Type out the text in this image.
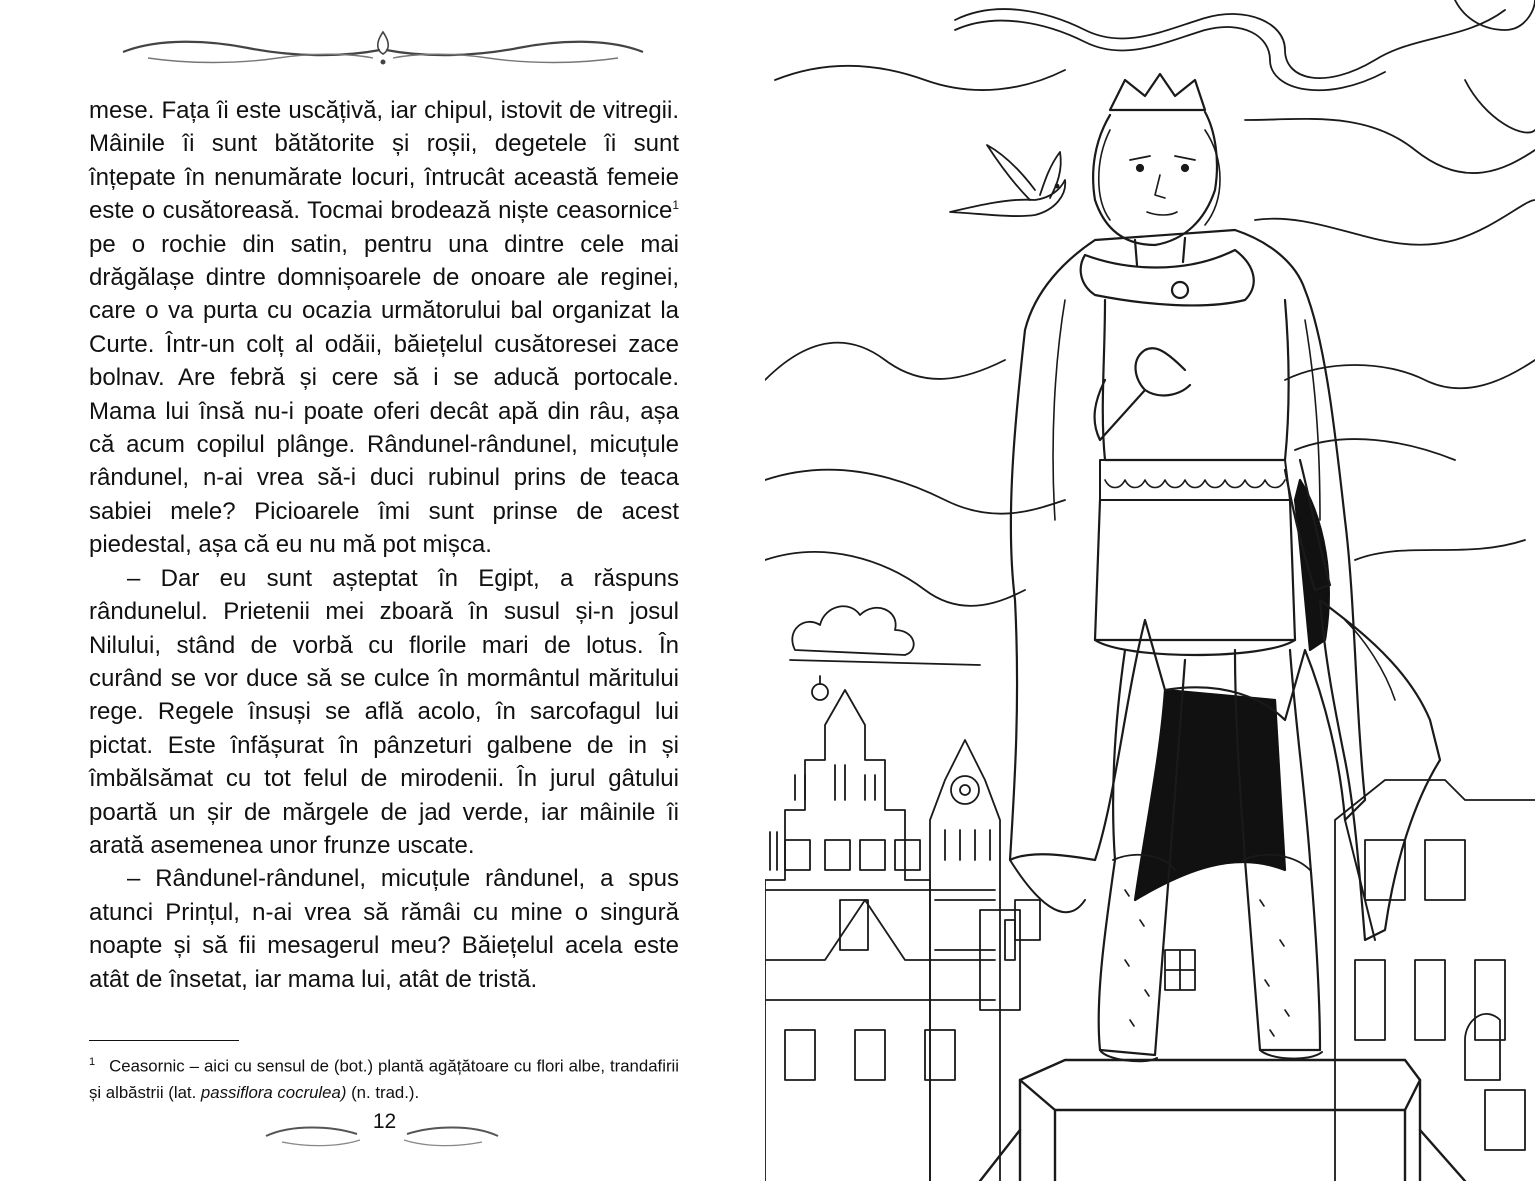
mese. Fața îi este uscățivă, iar chipul, istovit de vitregii. Mâinile îi sunt bătătorite și roșii, degetele îi sunt înțepate în nenumărate locuri, întrucât această femeie este o cusătoreasă. Tocmai brodează niște ceasornice$^1$ pe o rochie din satin, pentru una dintre cele mai drăgălașe dintre domnișoarele de onoare ale reginei, care o va purta cu ocazia următorului bal organizat la Curte. Într-un colț al odăii, băiețelul cusătoresei zace bolnav. Are febră și cere să i se aducă portocale. Mama lui însă nu-i poate oferi decât apă din râu, așa că acum copilul plânge. Rândunel-rândunel, micuțule rândunel, n-ai vrea să-i duci rubinul prins de teaca sabiei mele? Picioarele îmi sunt prinse de acest piedestal, așa că eu nu mă pot mișca.

– Dar eu sunt așteptat în Egipt, a răspuns rândunelul. Prietenii mei zboară în susul și-n josul Nilului, stând de vorbă cu florile mari de lotus. În curând se vor duce să se culce în mormântul măritului rege. Regele însuși se află acolo, în sarcofagul lui pictat. Este înfășurat în pânzeturi galbene de in și îmbălsămat cu tot felul de mirodenii. În jurul gâtului poartă un șir de mărgele de jad verde, iar mâinile îi arată asemenea unor frunze uscate.

– Rândunel-rândunel, micuțule rândunel, a spus atunci Prințul, n-ai vrea să rămâi cu mine o singură noapte și să fii mesagerul meu? Băiețelul acela este atât de însetat, iar mama lui, atât de tristă.

$^1$ Ceasornic – aici cu sensul de (bot.) plantă agățătoare cu flori albe, trandafirii și albăstrii (lat. passiflora cocrulea) (n. trad.).
12
